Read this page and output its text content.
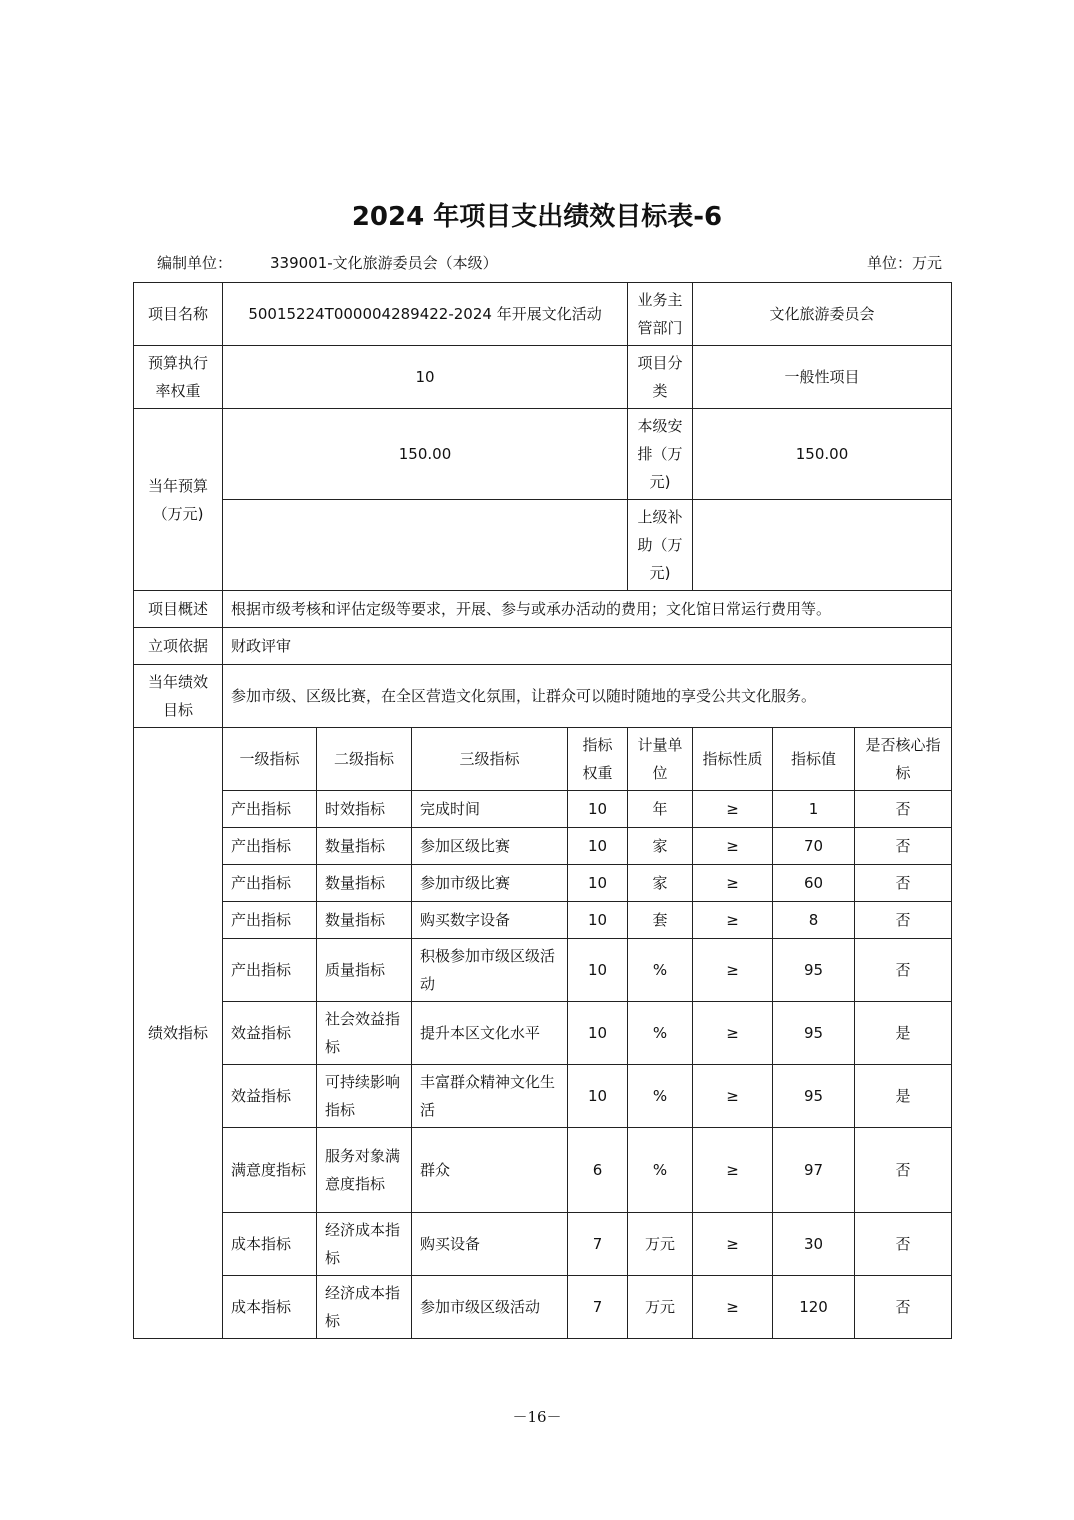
2024 年项目支出绩效目标表-6
编制单位：	339001-文化旅游委员会（本级）	单位：万元
项目名称	50015224T000004289422-2024 年开展文化活动				业务主管部门	文化旅游委员会		
预算执行率权重	10				项目分类	一般性项目		
当年预算（万元)	150.00				本级安排（万元)	150.00		
					上级补助（万元)			
项目概述	根据市级考核和评估定级等要求，开展、参与或承办活动的费用；文化馆日常运行费用等。							
立项依据	财政评审							
当年绩效目标	参加市级、区级比赛，在全区营造文化氛围，让群众可以随时随地的享受公共文化服务。							
绩效指标	一级指标	二级指标	三级指标	指标权重	计量单位	指标性质	指标值	是否核心指标
	产出指标	时效指标	完成时间	10	年	≥	1	否
	产出指标	数量指标	参加区级比赛	10	家	≥	70	否
	产出指标	数量指标	参加市级比赛	10	家	≥	60	否
	产出指标	数量指标	购买数字设备	10	套	≥	8	否
	产出指标	质量指标	积极参加市级区级活动	10	%	≥	95	否
	效益指标	社会效益指标	提升本区文化水平	10	%	≥	95	是
	效益指标	可持续影响指标	丰富群众精神文化生活	10	%	≥	95	是
	满意度指标	服务对象满意度指标	群众	6	%	≥	97	否
	成本指标	经济成本指标	购买设备	7	万元	≥	30	否
	成本指标	经济成本指标	参加市级区级活动	7	万元	≥	120	否
－16－
